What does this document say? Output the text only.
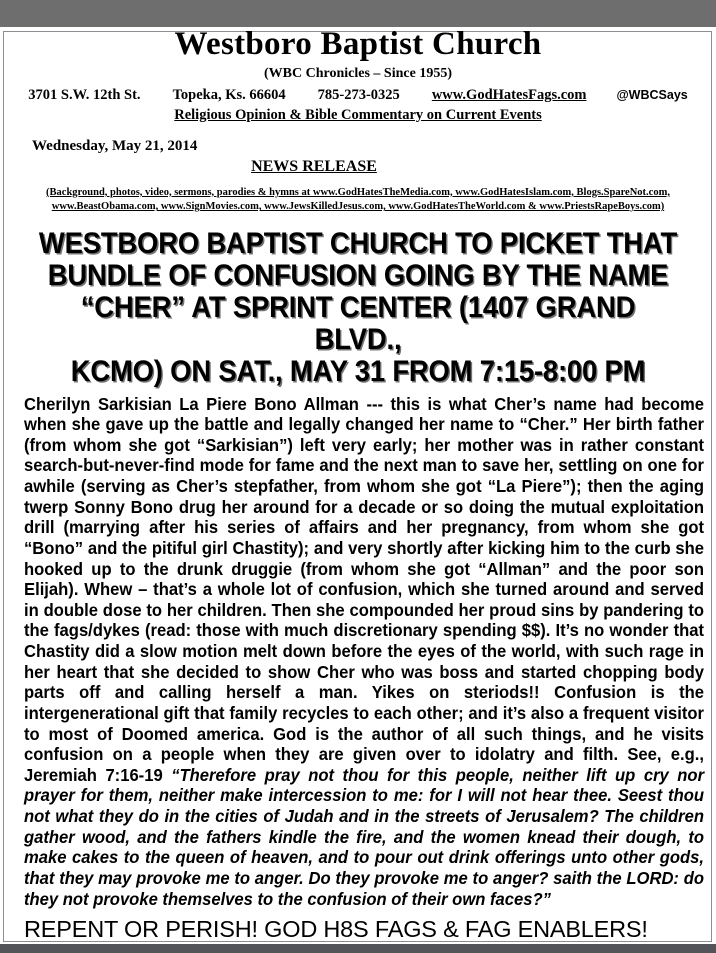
Westboro Baptist Church
(WBC Chronicles – Since 1955)
3701 S.W. 12th St.	Topeka, Ks. 66604	785-273-0325	www.GodHatesFags.com	@WBCSays
Religious Opinion & Bible Commentary on Current Events
Wednesday, May 21, 2014
NEWS RELEASE
(Background, photos, video, sermons, parodies & hymns at www.GodHatesTheMedia.com, www.GodHatesIslam.com, Blogs.SpareNot.com,
www.BeastObama.com, www.SignMovies.com, www.JewsKilledJesus.com, www.GodHatesTheWorld.com & www.PriestsRapeBoys.com)
WESTBORO BAPTIST CHURCH TO PICKET THAT
BUNDLE OF CONFUSION GOING BY THE NAME
“CHER” AT SPRINT CENTER (1407 GRAND BLVD.,
KCMO) ON SAT., MAY 31 FROM 7:15-8:00 PM
Cherilyn Sarkisian La Piere Bono Allman --- this is what Cher’s name had become when she gave up the battle and legally changed her name to “Cher.” Her birth father (from whom she got “Sarkisian”) left very early; her mother was in rather constant search-but-never-find mode for fame and the next man to save her, settling on one for awhile (serving as Cher’s stepfather, from whom she got “La Piere”); then the aging twerp Sonny Bono drug her around for a decade or so doing the mutual exploitation drill (marrying after his series of affairs and her pregnancy, from whom she got “Bono” and the pitiful girl Chastity); and very shortly after kicking him to the curb she hooked up to the drunk druggie (from whom she got “Allman” and the poor son Elijah). Whew – that’s a whole lot of confusion, which she turned around and served in double dose to her children. Then she compounded her proud sins by pandering to the fags/dykes (read: those with much discretionary spending $$). It’s no wonder that Chastity did a slow motion melt down before the eyes of the world, with such rage in her heart that she decided to show Cher who was boss and started chopping body parts off and calling herself a man. Yikes on steriods!! Confusion is the intergenerational gift that family recycles to each other; and it’s also a frequent visitor to most of Doomed america. God is the author of all such things, and he visits confusion on a people when they are given over to idolatry and filth. See, e.g., Jeremiah 7:16-19 “Therefore pray not thou for this people, neither lift up cry nor prayer for them, neither make intercession to me: for I will not hear thee. Seest thou not what they do in the cities of Judah and in the streets of Jerusalem? The children gather wood, and the fathers kindle the fire, and the women knead their dough, to make cakes to the queen of heaven, and to pour out drink offerings unto other gods, that they may provoke me to anger. Do they provoke me to anger? saith the LORD: do they not provoke themselves to the confusion of their own faces?”
REPENT OR PERISH! GOD H8S FAGS & FAG ENABLERS!
